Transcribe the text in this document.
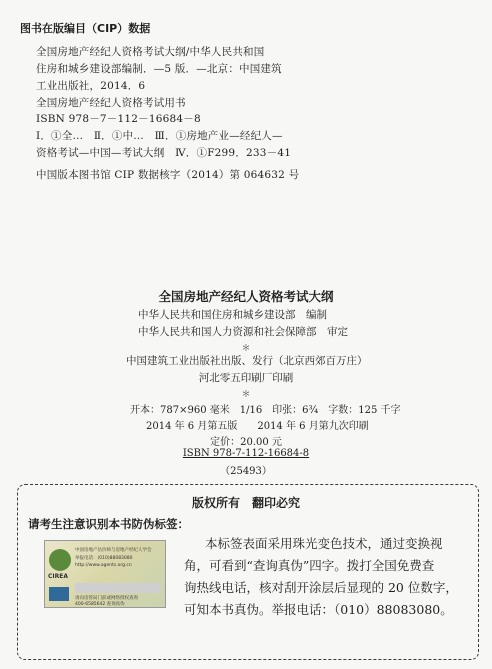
图书在版编目（CIP）数据
全国房地产经纪人资格考试大纲/中华人民共和国
住房和城乡建设部编制．—5 版．—北京：中国建筑
工业出版社，2014．6
全国房地产经纪人资格考试用书
ISBN 978－7－112－16684－8
Ⅰ．①全…　Ⅱ．①中…　Ⅲ．①房地产业—经纪人—
资格考试—中国—考试大纲　Ⅳ．①F299．233－41
中国版本图书馆 CIP 数据核字（2014）第 064632 号
全国房地产经纪人资格考试大纲
中华人民共和国住房和城乡建设部　编制
中华人民共和国人力资源和社会保障部　审定
＊
中国建筑工业出版社出版、发行（北京西郊百万庄）
河北零五印刷厂印刷
＊
开本：787×960 毫米　1/16　印张：6¾　字数：125 千字
2014 年 6 月第五版　　2014 年 6 月第九次印刷
定价：20.00 元
ISBN 978-7-112-16684-8
（25493）
版权所有　翻印必究
请考生注意识别本书防伪标签：
CIREA
中国房地产估价师与房地产经纪人学会
举报电话：(010)88083080
http://www.agents.org.cn
请向房管局门前或网络授权查询
400-6585642 查询真伪
本标签表面采用珠光变色技术，通过变换视
角，可看到“查询真伪”四字。拨打全国免费查
询热线电话，核对刮开涂层后显现的 20 位数字，
可知本书真伪。举报电话：（010）88083080。
